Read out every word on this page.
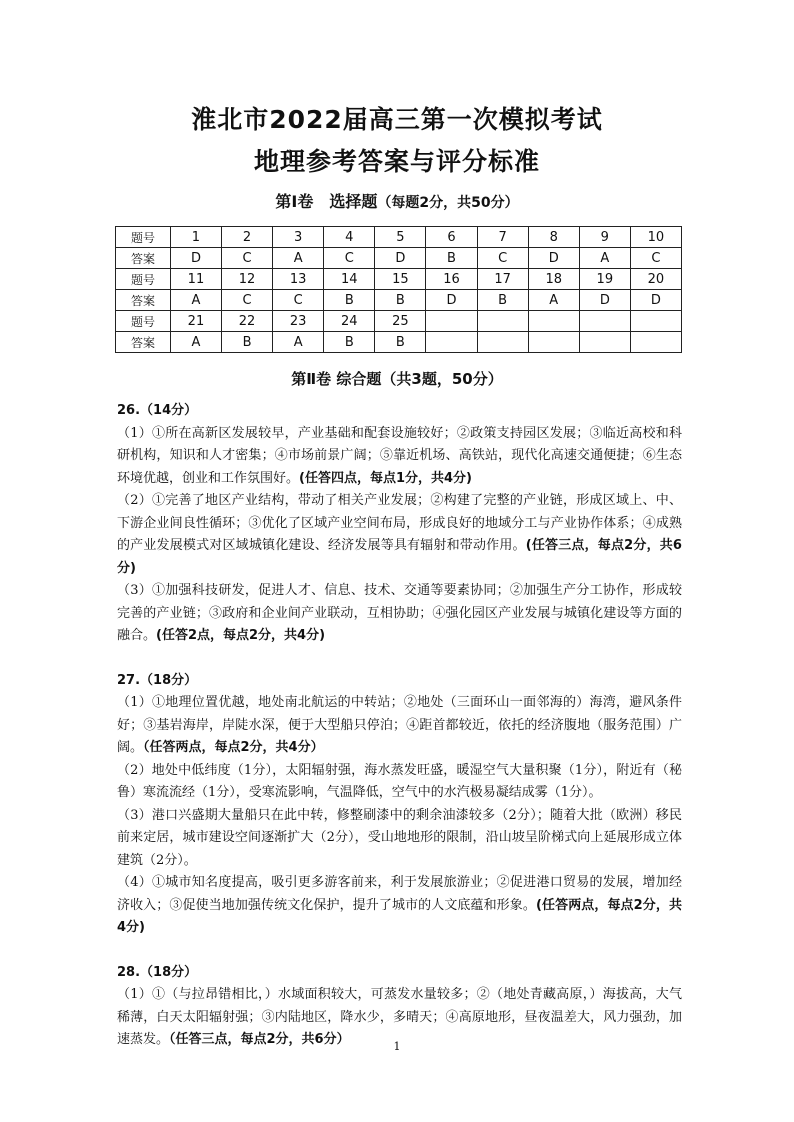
淮北市2022届高三第一次模拟考试
地理参考答案与评分标准
第Ⅰ卷　选择题（每题2分，共50分）
题号	1	2	3	4	5	6	7	8	9	10
答案	D	C	A	C	D	B	C	D	A	C
题号	11	12	13	14	15	16	17	18	19	20
答案	A	C	C	B	B	D	B	A	D	D
题号	21	22	23	24	25					
答案	A	B	A	B	B					
第Ⅱ卷 综合题（共3题，50分）
26.（14分）

（1）①所在高新区发展较早，产业基础和配套设施较好；②政策支持园区发展；③临近高校和科研机构，知识和人才密集；④市场前景广阔；⑤靠近机场、高铁站，现代化高速交通便捷；⑥生态环境优越，创业和工作氛围好。(任答四点，每点1分，共4分)

（2）①完善了地区产业结构，带动了相关产业发展；②构建了完整的产业链，形成区域上、中、下游企业间良性循环；③优化了区域产业空间布局，形成良好的地域分工与产业协作体系；④成熟的产业发展模式对区域城镇化建设、经济发展等具有辐射和带动作用。(任答三点，每点2分，共6分)

（3）①加强科技研发，促进人才、信息、技术、交通等要素协同；②加强生产分工协作，形成较完善的产业链；③政府和企业间产业联动，互相协助；④强化园区产业发展与城镇化建设等方面的融合。(任答2点，每点2分，共4分)

27.（18分）

（1）①地理位置优越，地处南北航运的中转站；②地处（三面环山一面邻海的）海湾，避风条件好；③基岩海岸，岸陡水深，便于大型船只停泊；④距首都较近，依托的经济腹地（服务范围）广阔。（任答两点，每点2分，共4分）

（2）地处中低纬度（1分），太阳辐射强，海水蒸发旺盛，暖湿空气大量积聚（1分），附近有（秘鲁）寒流流经（1分），受寒流影响，气温降低，空气中的水汽极易凝结成雾（1分）。

（3）港口兴盛期大量船只在此中转，修整刷漆中的剩余油漆较多（2分）；随着大批（欧洲）移民前来定居，城市建设空间逐渐扩大（2分），受山地地形的限制，沿山坡呈阶梯式向上延展形成立体建筑（2分）。

（4）①城市知名度提高，吸引更多游客前来，利于发展旅游业；②促进港口贸易的发展，增加经济收入；③促使当地加强传统文化保护，提升了城市的人文底蕴和形象。(任答两点，每点2分，共4分)

28.（18分）

（1）①（与拉昂错相比，）水域面积较大，可蒸发水量较多；②（地处青藏高原，）海拔高，大气稀薄，白天太阳辐射强；③内陆地区，降水少，多晴天；④高原地形，昼夜温差大，风力强劲，加速蒸发。（任答三点，每点2分，共6分）	1
